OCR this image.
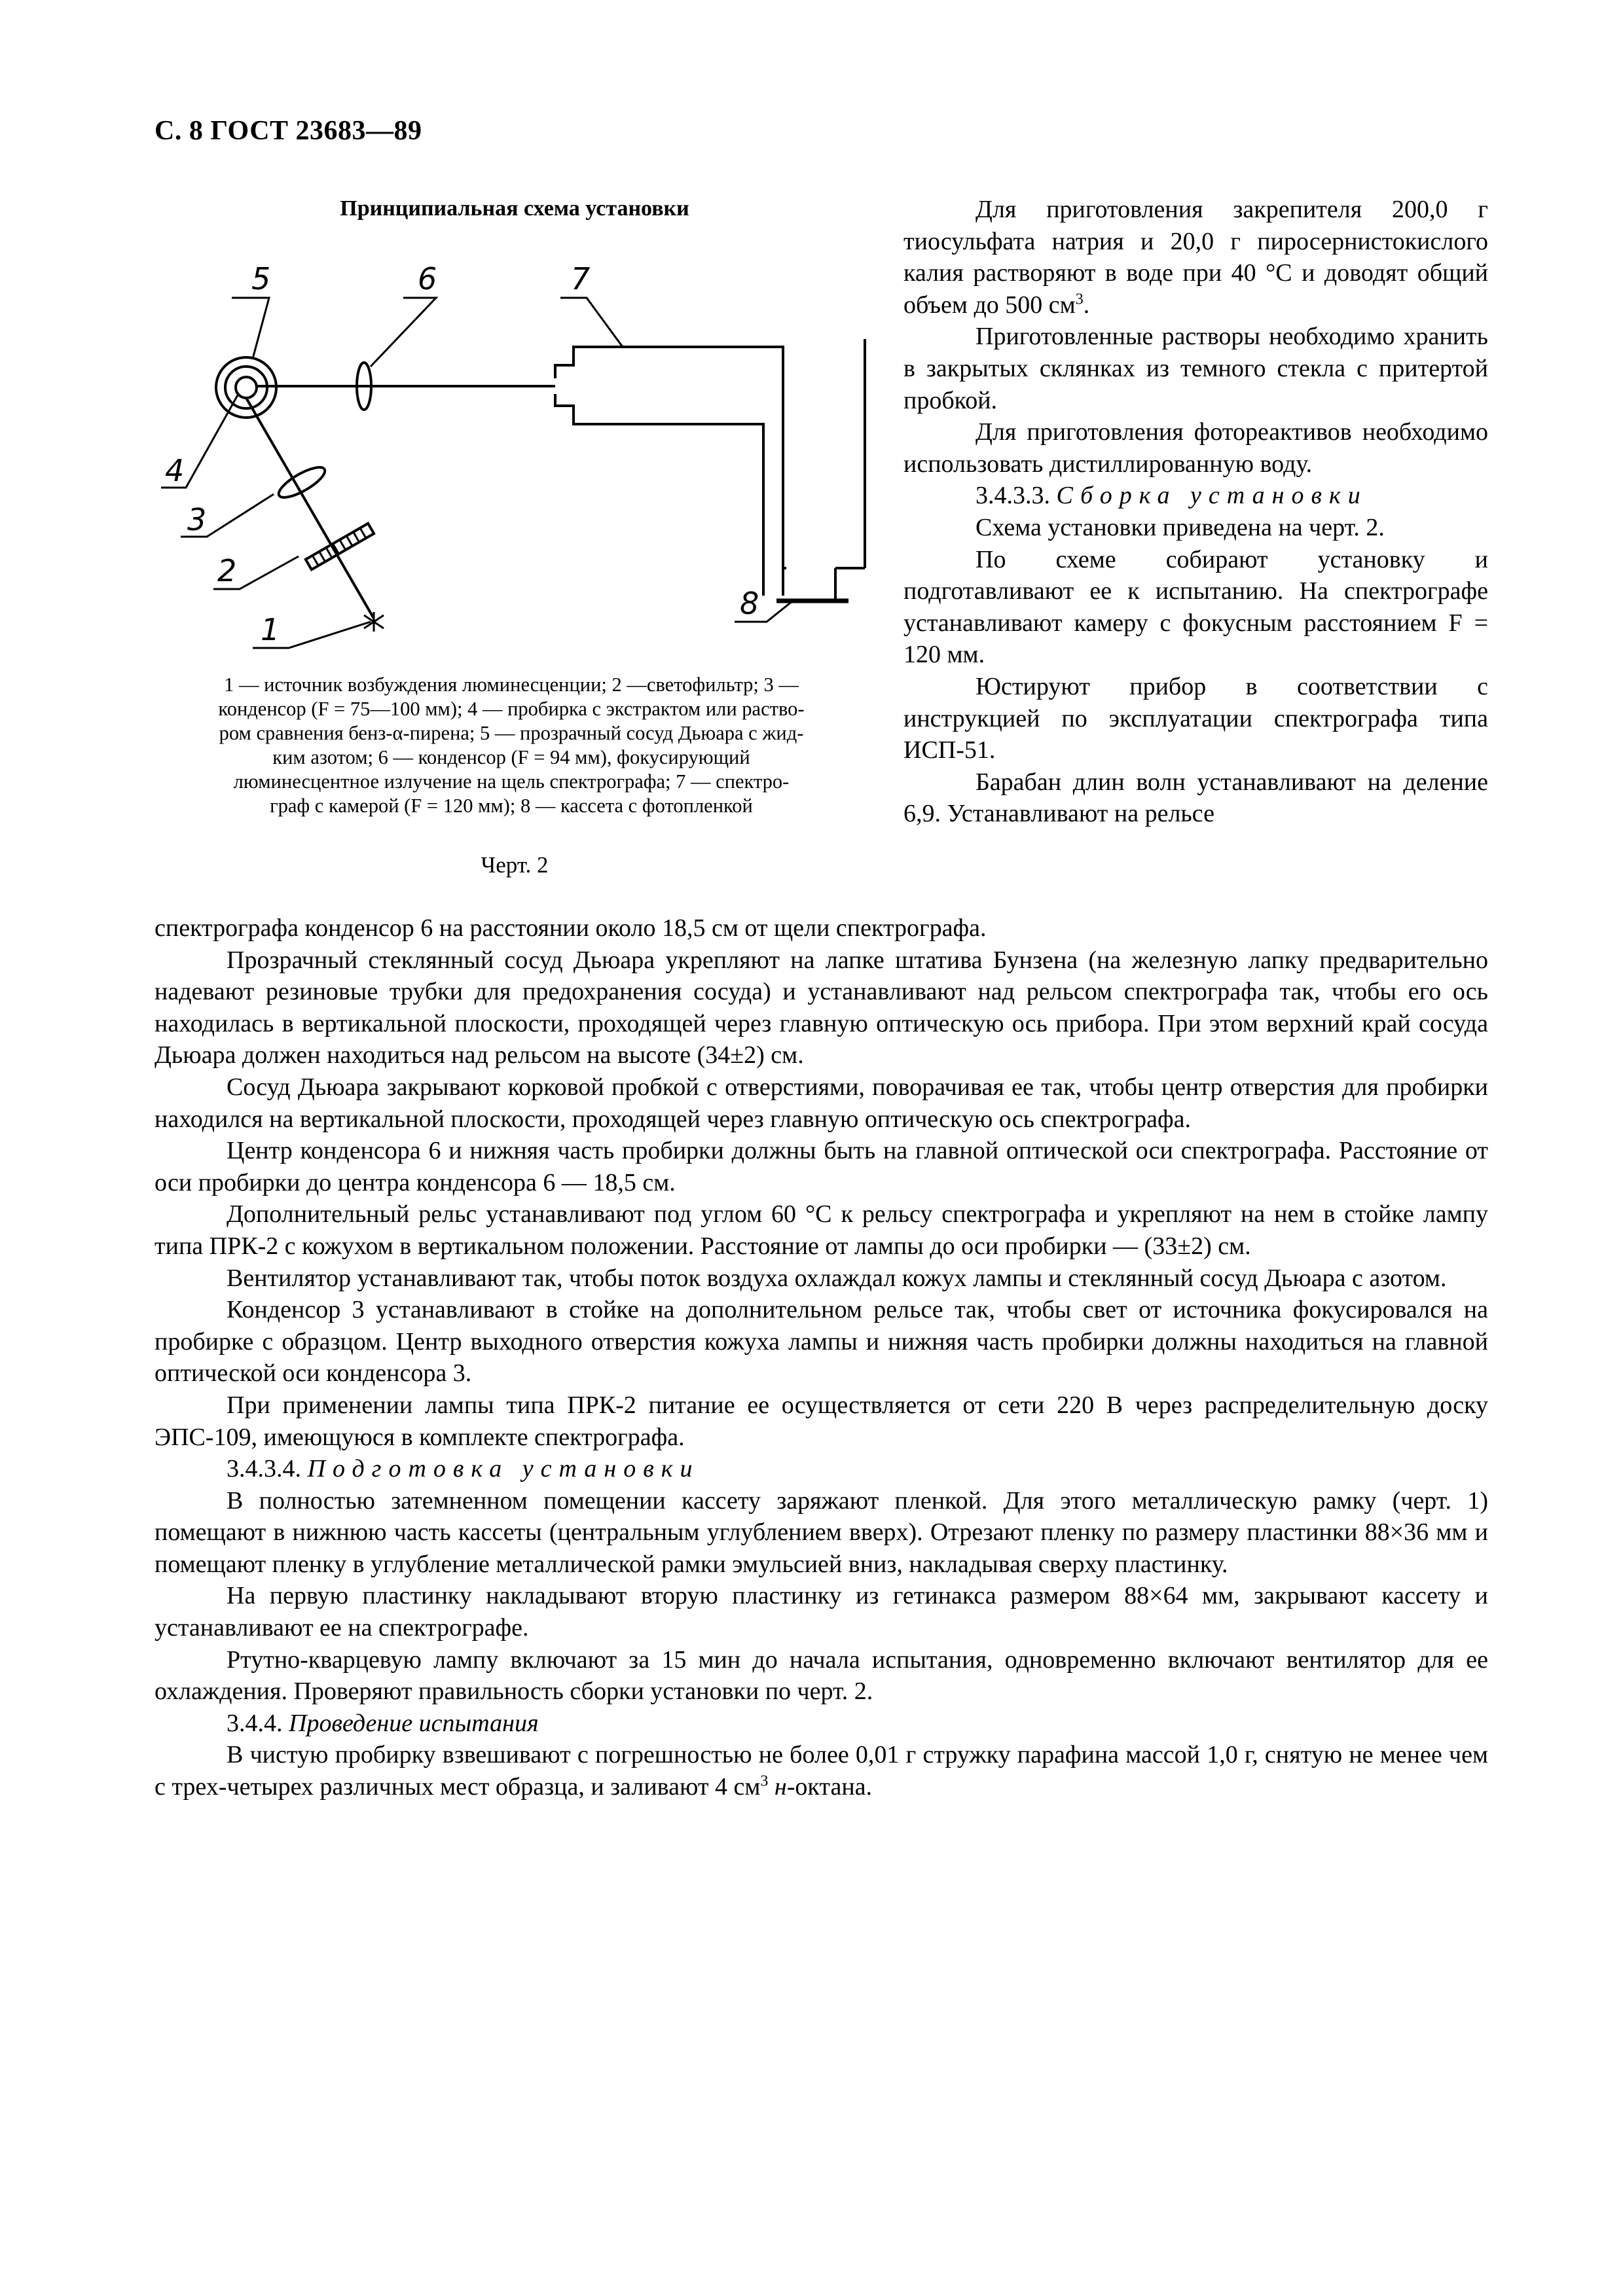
С. 8 ГОСТ 23683—89
Принципиальная схема установки
5	6	7
4
3
2
1
8
1 — источник возбуждения люминесценции; 2 —светофильтр; 3 —
конденсор (F = 75—100 мм); 4 — пробирка с экстрактом или раство-
ром сравнения бенз-α-пирена; 5 — прозрачный сосуд Дьюара с жид-
ким азотом; 6 — конденсор (F = 94 мм), фокусирующий
люминесцентное излучение на щель спектрографа; 7 — спектро-
граф с камерой (F = 120 мм); 8 — кассета с фотопленкой
Черт. 2

Для приготовления закрепителя 200,0 г тиосульфата натрия и 20,0 г пиросернистокислого калия растворяют в воде при 40 °С и доводят общий объем до 500 $см^3$.

Приготовленные растворы необходимо хранить в закрытых склянках из темного стекла с притертой пробкой.

Для приготовления фотореактивов необходимо использовать дистиллированную воду.

3.4.3.3. Сборка установки

Схема установки приведена на черт. 2.

По схеме собирают установку и подготавливают ее к испытанию. На спектрографе устанавливают камеру с фокусным расстоянием F = 120 мм.

Юстируют прибор в соответствии с инструкцией по эксплуатации спектрографа типа ИСП-51.

Барабан длин волн устанавливают на деление 6,9. Устанавливают на рельсе

спектрографа конденсор 6 на расстоянии около 18,5 см от щели спектрографа.

Прозрачный стеклянный сосуд Дьюара укрепляют на лапке штатива Бунзена (на железную лапку предварительно надевают резиновые трубки для предохранения сосуда) и устанавливают над рельсом спектрографа так, чтобы его ось находилась в вертикальной плоскости, проходящей через главную оптическую ось прибора. При этом верхний край сосуда Дьюара должен находиться над рельсом на высоте (34±2) см.

Сосуд Дьюара закрывают корковой пробкой с отверстиями, поворачивая ее так, чтобы центр отверстия для пробирки находился на вертикальной плоскости, проходящей через главную оптическую ось спектрографа.

Центр конденсора 6 и нижняя часть пробирки должны быть на главной оптической оси спектрографа. Расстояние от оси пробирки до центра конденсора 6 — 18,5 см.

Дополнительный рельс устанавливают под углом 60 °С к рельсу спектрографа и укрепляют на нем в стойке лампу типа ПРК-2 с кожухом в вертикальном положении. Расстояние от лампы до оси пробирки — (33±2) см.

Вентилятор устанавливают так, чтобы поток воздуха охлаждал кожух лампы и стеклянный сосуд Дьюара с азотом.

Конденсор 3 устанавливают в стойке на дополнительном рельсе так, чтобы свет от источника фокусировался на пробирке с образцом. Центр выходного отверстия кожуха лампы и нижняя часть пробирки должны находиться на главной оптической оси конденсора 3.

При применении лампы типа ПРК-2 питание ее осуществляется от сети 220 В через распределительную доску ЭПС-109, имеющуюся в комплекте спектрографа.

3.4.3.4. Подготовка установки

В полностью затемненном помещении кассету заряжают пленкой. Для этого металлическую рамку (черт. 1) помещают в нижнюю часть кассеты (центральным углублением вверх). Отрезают пленку по размеру пластинки 88×36 мм и помещают пленку в углубление металлической рамки эмульсией вниз, накладывая сверху пластинку.

На первую пластинку накладывают вторую пластинку из гетинакса размером 88×64 мм, закрывают кассету и устанавливают ее на спектрографе.

Ртутно-кварцевую лампу включают за 15 мин до начала испытания, одновременно включают вентилятор для ее охлаждения. Проверяют правильность сборки установки по черт. 2.

3.4.4. Проведение испытания

В чистую пробирку взвешивают с погрешностью не более 0,01 г стружку парафина массой 1,0 г, снятую не менее чем с трех-четырех различных мест образца, и заливают 4 $см^3$ н-октана.
